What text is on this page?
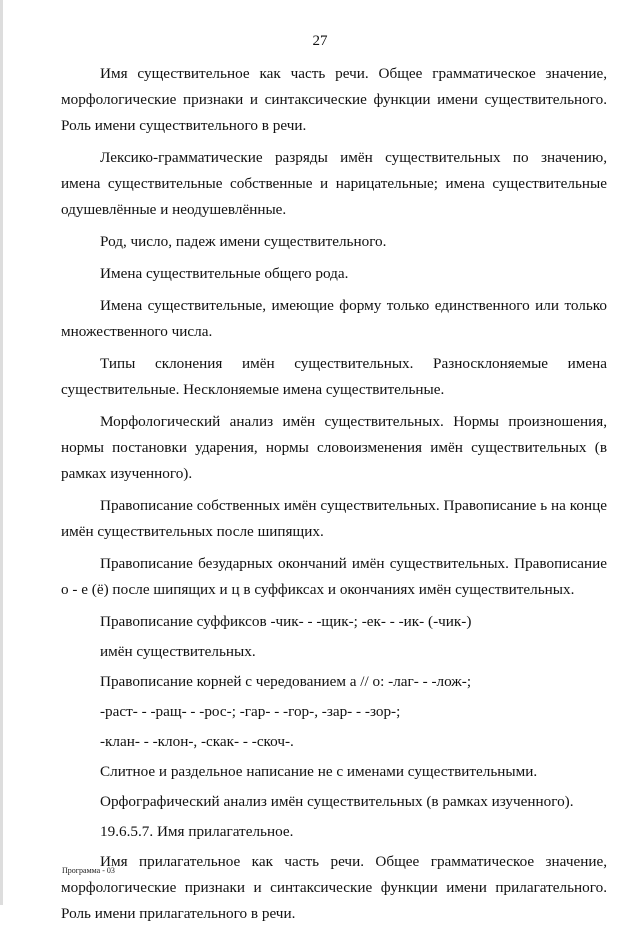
27

Имя существительное как часть речи. Общее грамматическое значение, морфологические признаки и синтаксические функции имени существительного. Роль имени существительного в речи.

Лексико-грамматические разряды имён существительных по значению, имена существительные собственные и нарицательные; имена существительные одушевлённые и неодушевлённые.

Род, число, падеж имени существительного.

Имена существительные общего рода.

Имена существительные, имеющие форму только единственного или только множественного числа.

Типы склонения имён существительных. Разносклоняемые имена существительные. Несклоняемые имена существительные.

Морфологический анализ имён существительных. Нормы произношения, нормы постановки ударения, нормы словоизменения имён существительных (в рамках изученного).

Правописание собственных имён существительных. Правописание ь на конце имён существительных после шипящих.

Правописание безударных окончаний имён существительных. Правописание о - е (ё) после шипящих и ц в суффиксах и окончаниях имён существительных.

Правописание суффиксов -чик- - -щик-; -ек- - -ик- (-чик-)
имён существительных.
Правописание корней с чередованием а // о: -лаг- - -лож-;
-раст- - -ращ- - -рос-; -гар- - -гор-, -зар- - -зор-;
-клан- - -клон-, -скак- - -скоч-.
Слитное и раздельное написание не с именами существительными.
Орфографический анализ имён существительных (в рамках изученного).
19.6.5.7. Имя прилагательное.

Имя прилагательное как часть речи. Общее грамматическое значение, морфологические признаки и синтаксические функции имени прилагательного. Роль имени прилагательного в речи.

Программа - 03
